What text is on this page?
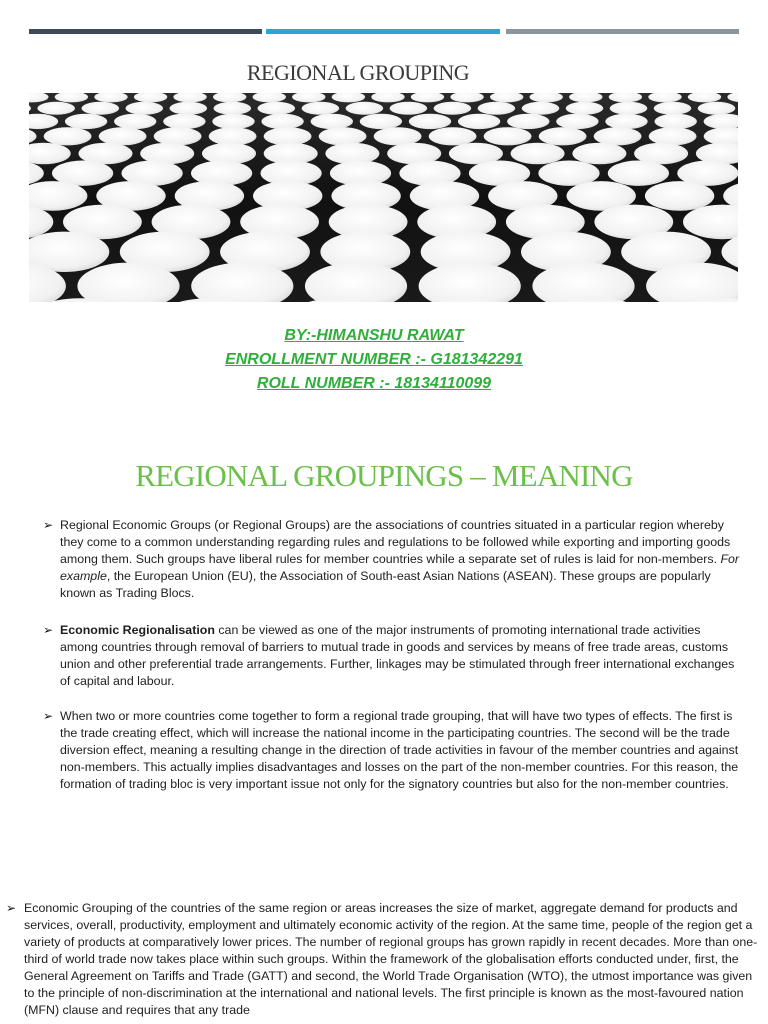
REGIONAL GROUPING
BY:-HIMANSHU RAWAT
ENROLLMENT NUMBER :- G181342291
ROLL NUMBER :- 18134110099
REGIONAL GROUPINGS – MEANING
➢ Regional Economic Groups (or Regional Groups) are the associations of countries situated in a particular region whereby they come to a common understanding regarding rules and regulations to be followed while exporting and importing goods among them. Such groups have liberal rules for member countries while a separate set of rules is laid for non-members. For example, the European Union (EU), the Association of South-east Asian Nations (ASEAN). These groups are popularly known as Trading Blocs.
➢ Economic Regionalisation can be viewed as one of the major instruments of promoting international trade activities among countries through removal of barriers to mutual trade in goods and services by means of free trade areas, customs union and other preferential trade arrangements. Further, linkages may be stimulated through freer international exchanges of capital and labour.
➢ When two or more countries come together to form a regional trade grouping, that will have two types of effects. The first is the trade creating effect, which will increase the national income in the participating countries. The second will be the trade diversion effect, meaning a resulting change in the direction of trade activities in favour of the member countries and against non-members. This actually implies disadvantages and losses on the part of the non-member countries. For this reason, the formation of trading bloc is very important issue not only for the signatory countries but also for the non-member countries.
➢ Economic Grouping of the countries of the same region or areas increases the size of market, aggregate demand for products and services, overall, productivity, employment and ultimately economic activity of the region. At the same time, people of the region get a variety of products at comparatively lower prices. The number of regional groups has grown rapidly in recent decades. More than one-third of world trade now takes place within such groups. Within the framework of the globalisation efforts conducted under, first, the General Agreement on Tariffs and Trade (GATT) and second, the World Trade Organisation (WTO), the utmost importance was given to the principle of non-discrimination at the international and national levels. The first principle is known as the most-favoured nation (MFN) clause and requires that any trade
